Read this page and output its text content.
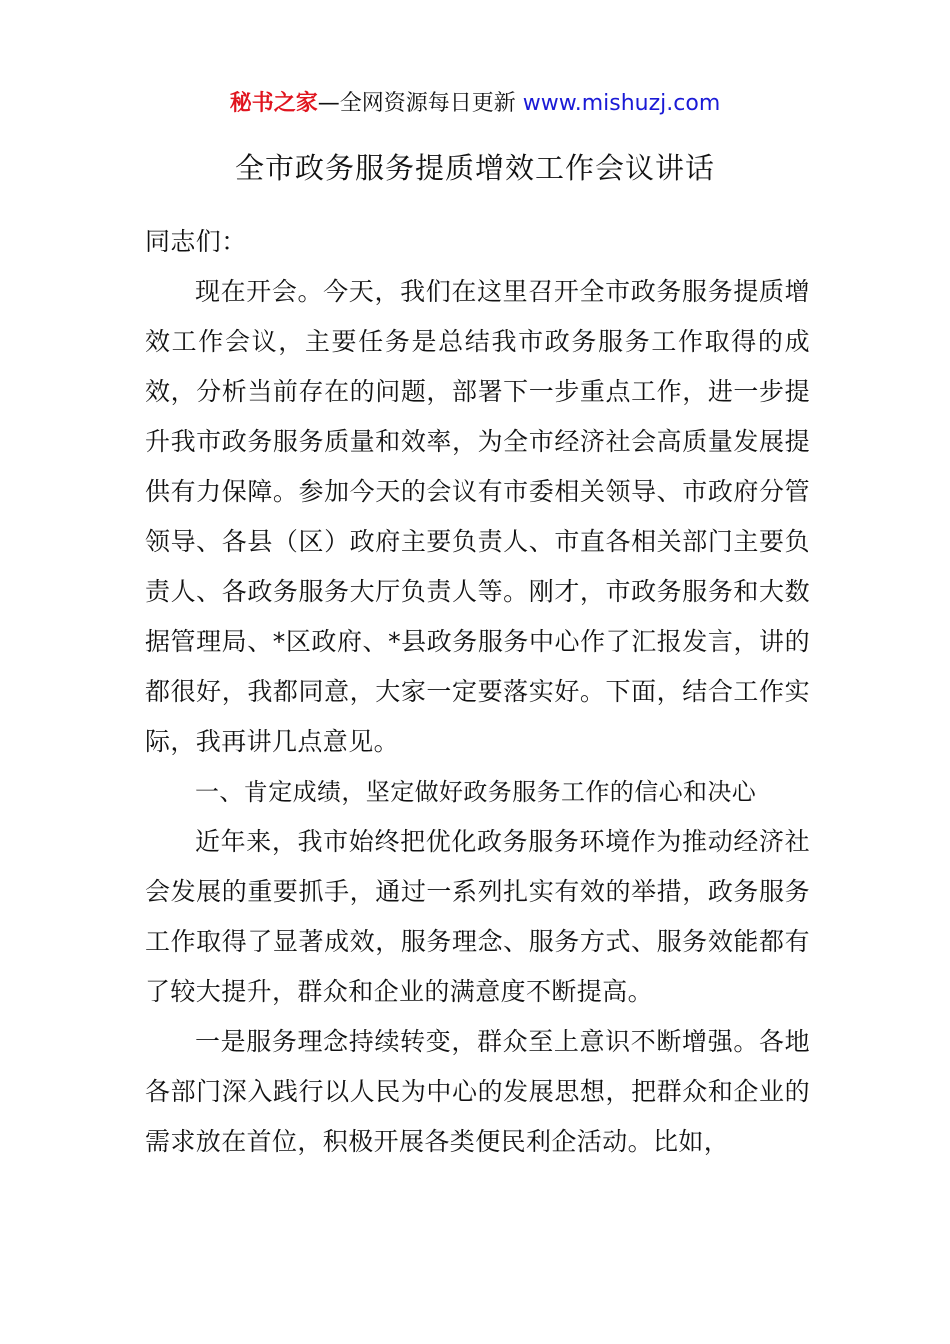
秘书之家—全网资源每日更新 www.mishuzj.com
全市政务服务提质增效工作会议讲话

同志们：

现在开会。今天，我们在这里召开全市政务服务提质增效工作会议，主要任务是总结我市政务服务工作取得的成效，分析当前存在的问题，部署下一步重点工作，进一步提升我市政务服务质量和效率，为全市经济社会高质量发展提供有力保障。参加今天的会议有市委相关领导、市政府分管领导、各县（区）政府主要负责人、市直各相关部门主要负责人、各政务服务大厅负责人等。刚才，市政务服务和大数据管理局、*区政府、*县政务服务中心作了汇报发言，讲的都很好，我都同意，大家一定要落实好。下面，结合工作实际，我再讲几点意见。

一、肯定成绩，坚定做好政务服务工作的信心和决心

近年来，我市始终把优化政务服务环境作为推动经济社会发展的重要抓手，通过一系列扎实有效的举措，政务服务工作取得了显著成效，服务理念、服务方式、服务效能都有了较大提升，群众和企业的满意度不断提高。

一是服务理念持续转变，群众至上意识不断增强。各地各部门深入践行以人民为中心的发展思想，把群众和企业的需求放在首位，积极开展各类便民利企活动。比如，
